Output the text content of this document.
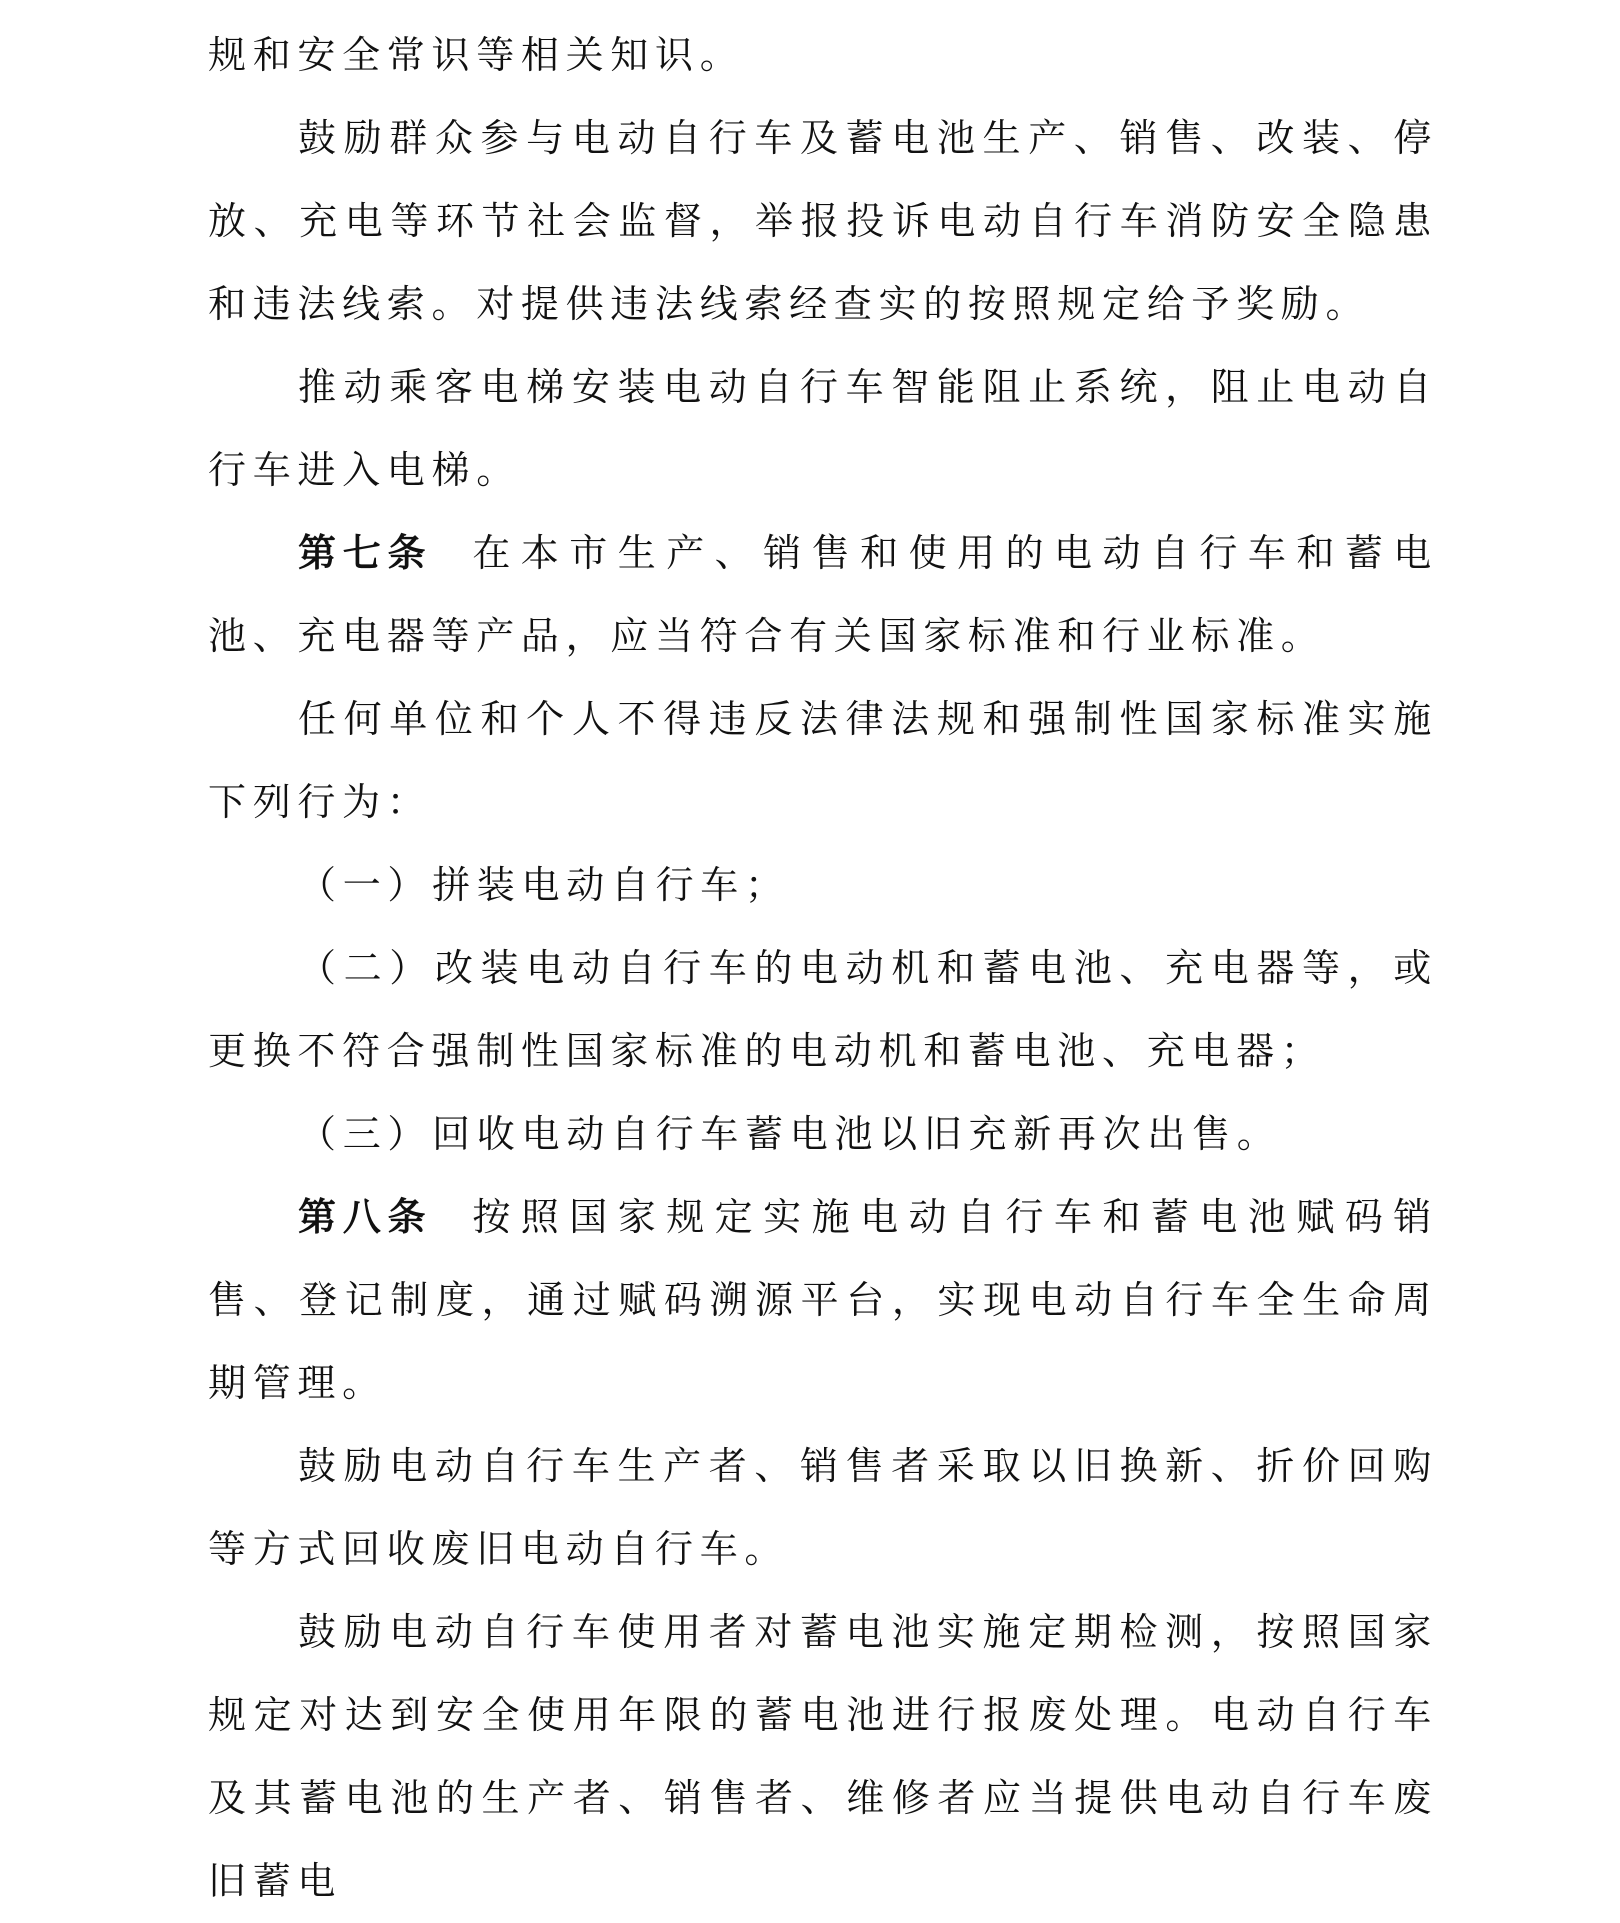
规和安全常识等相关知识。

鼓励群众参与电动自行车及蓄电池生产、销售、改装、停放、充电等环节社会监督，举报投诉电动自行车消防安全隐患和违法线索。对提供违法线索经查实的按照规定给予奖励。

推动乘客电梯安装电动自行车智能阻止系统，阻止电动自行车进入电梯。

第七条 在本市生产、销售和使用的电动自行车和蓄电池、充电器等产品，应当符合有关国家标准和行业标准。

任何单位和个人不得违反法律法规和强制性国家标准实施下列行为：

（一）拼装电动自行车；

（二）改装电动自行车的电动机和蓄电池、充电器等，或更换不符合强制性国家标准的电动机和蓄电池、充电器；

（三）回收电动自行车蓄电池以旧充新再次出售。

第八条 按照国家规定实施电动自行车和蓄电池赋码销售、登记制度，通过赋码溯源平台，实现电动自行车全生命周期管理。

鼓励电动自行车生产者、销售者采取以旧换新、折价回购等方式回收废旧电动自行车。

鼓励电动自行车使用者对蓄电池实施定期检测，按照国家规定对达到安全使用年限的蓄电池进行报废处理。电动自行车及其蓄电池的生产者、销售者、维修者应当提供电动自行车废旧蓄电
